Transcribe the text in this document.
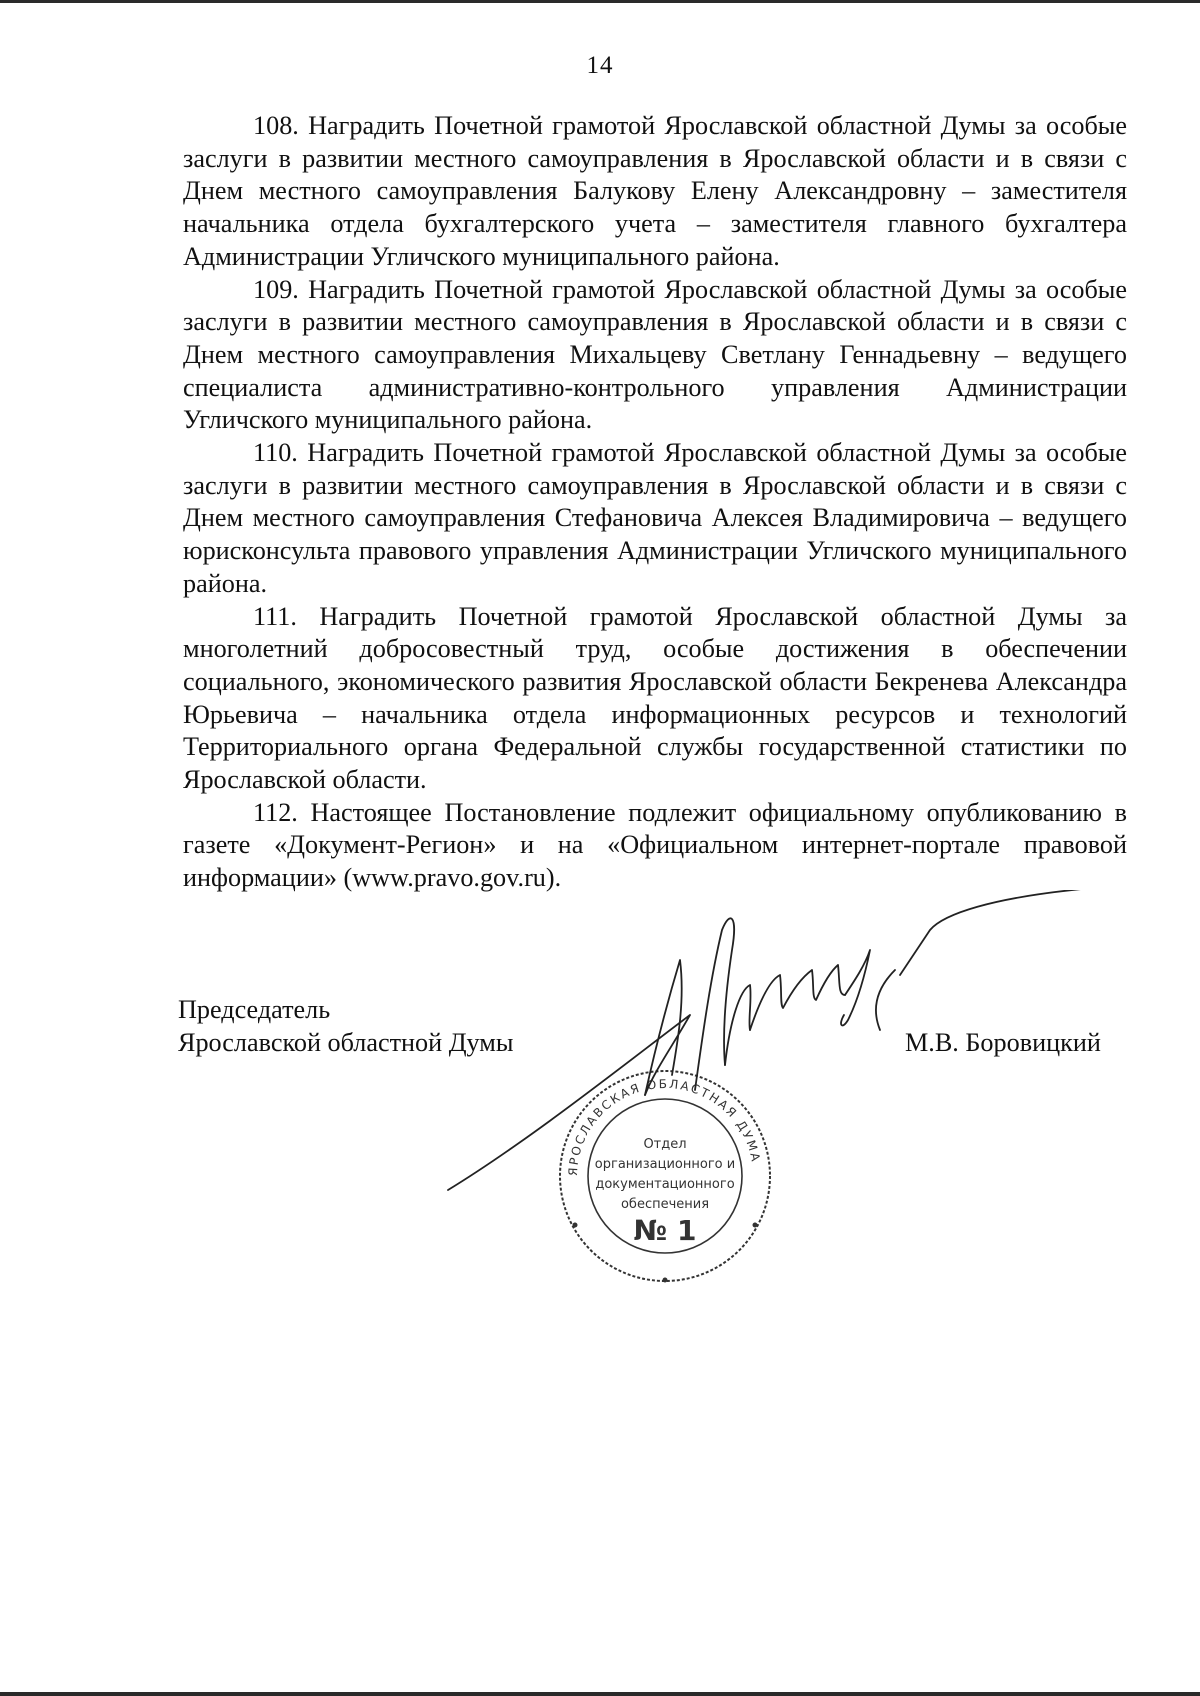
14

108. Наградить Почетной грамотой Ярославской областной Думы за особые заслуги в развитии местного самоуправления в Ярославской области и в связи с Днем местного самоуправления Балукову Елену Александровну – заместителя начальника отдела бухгалтерского учета – заместителя главного бухгалтера Администрации Угличского муниципального района.

109. Наградить Почетной грамотой Ярославской областной Думы за особые заслуги в развитии местного самоуправления в Ярославской области и в связи с Днем местного самоуправления Михальцеву Светлану Геннадьевну – ведущего специалиста административно-контрольного управления Администрации Угличского муниципального района.

110. Наградить Почетной грамотой Ярославской областной Думы за особые заслуги в развитии местного самоуправления в Ярославской области и в связи с Днем местного самоуправления Стефановича Алексея Владимировича – ведущего юрисконсульта правового управления Администрации Угличского муниципального района.

111. Наградить Почетной грамотой Ярославской областной Думы за многолетний добросовестный труд, особые достижения в обеспечении социального, экономического развития Ярославской области Бекренева Александра Юрьевича – начальника отдела информационных ресурсов и технологий Территориального органа Федеральной службы государственной статистики по Ярославской области.

112. Настоящее Постановление подлежит официальному опубликованию в газете «Документ-Регион» и на «Официальном интернет-портале правовой информации» (www.pravo.gov.ru).

Председатель
Ярославской областной Думы
ЯРОСЛАВСКАЯ ОБЛАСТНАЯ ДУМА
Отдел
организационного и
документационного
обеспечения
№ 1
М.В. Боровицкий
